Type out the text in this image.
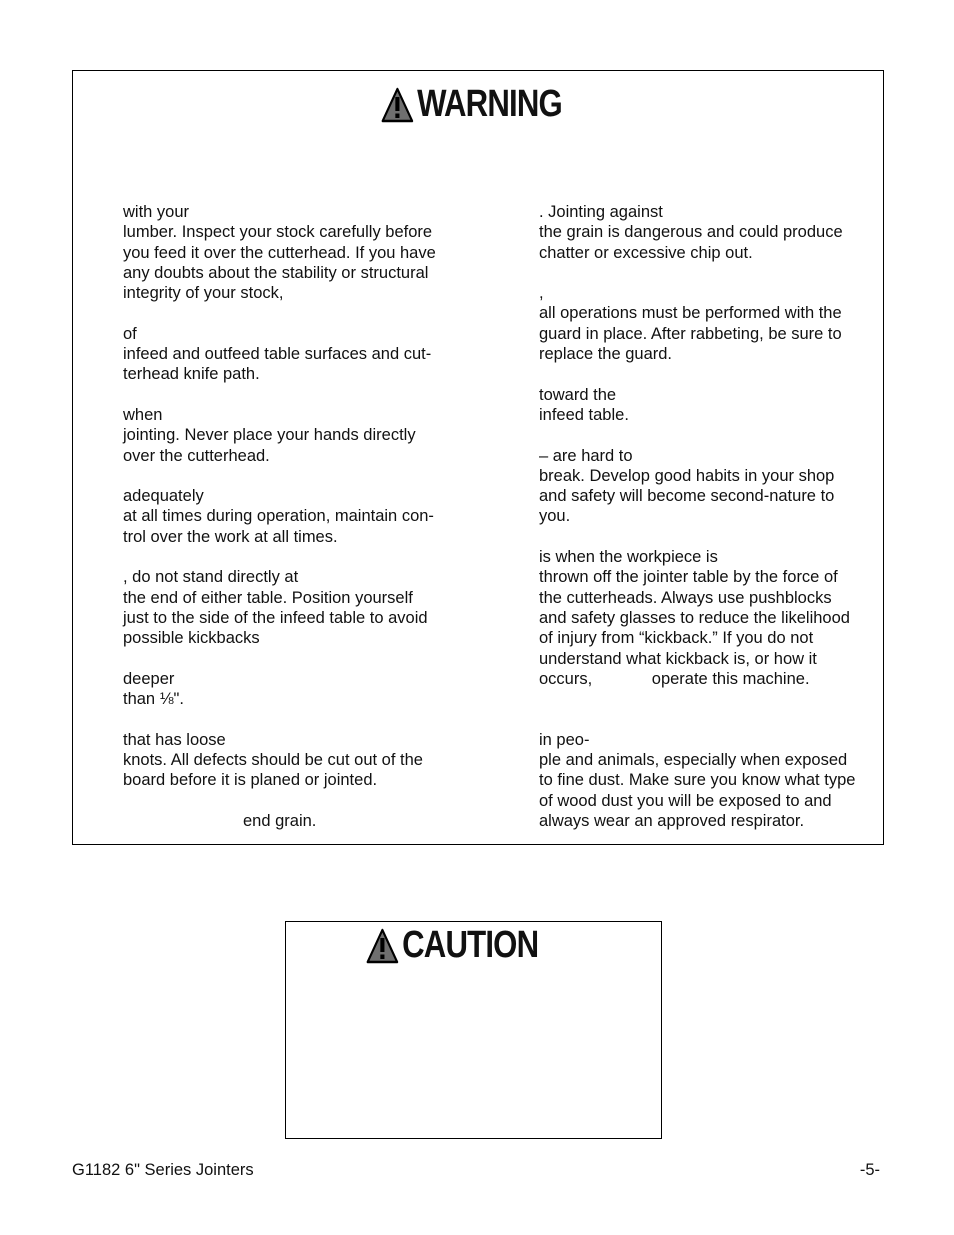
WARNING

with your

lumber. Inspect your stock carefully before

you feed it over the cutterhead. If you have

any doubts about the stability or structural

integrity of your stock,

of

infeed and outfeed table surfaces and cut-

terhead knife path.

when

jointing. Never place your hands directly

over the cutterhead.

adequately

at all times during operation, maintain con-

trol over the work at all times.

, do not stand directly at

the end of either table. Position yourself

just to the side of the infeed table to avoid

possible kickbacks

deeper

than ⅛".

that has loose

knots. All defects should be cut out of the

board before it is planed or jointed.

end grain.

. Jointing against

the grain is dangerous and could produce

chatter or excessive chip out.

,

all operations must be performed with the

guard in place. After rabbeting, be sure to

replace the guard.

toward the

infeed table.

– are hard to

break. Develop good habits in your shop

and safety will become second-nature to

you.

is when the workpiece is

thrown off the jointer table by the force of

the cutterheads. Always use pushblocks

and safety glasses to reduce the likelihood

of injury from “kickback.” If you do not

understand what kickback is, or how it

occurs,             operate this machine.

in peo-

ple and animals, especially when exposed

to fine dust. Make sure you know what type

of wood dust you will be exposed to and

always wear an approved respirator.

CAUTION
G1182 6" Series Jointers	-5-
